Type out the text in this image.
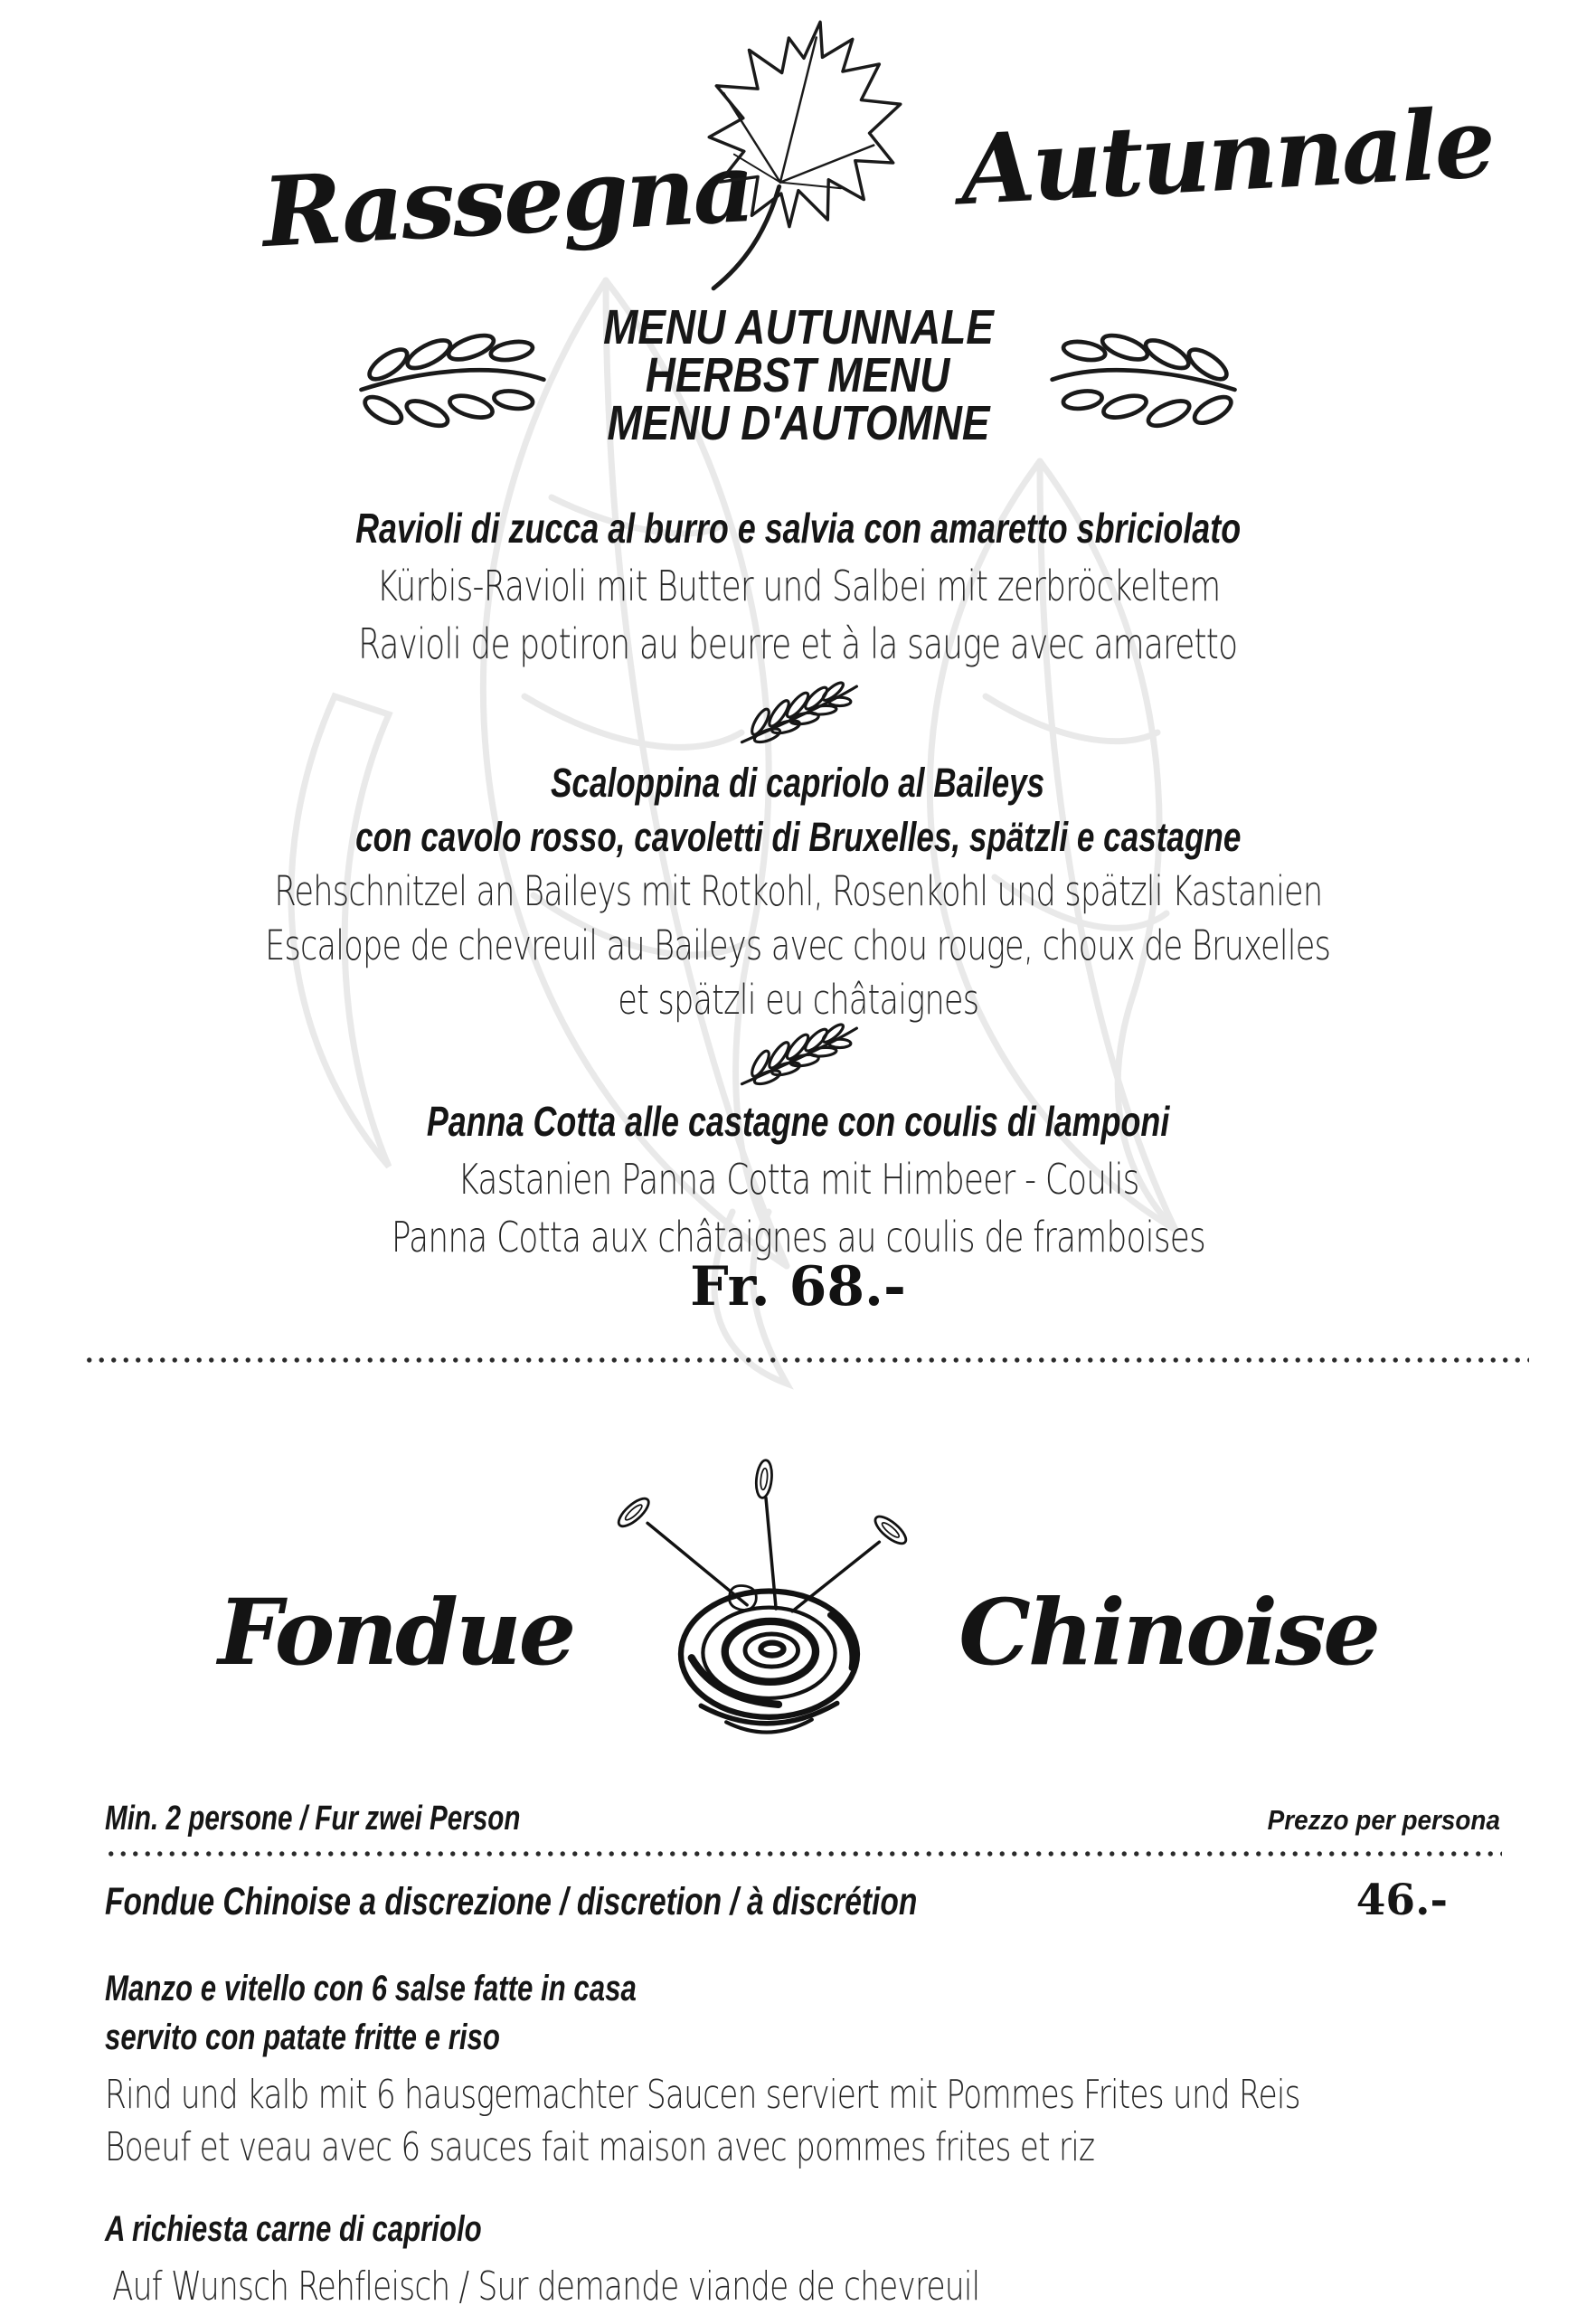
Rassegna Autunnale
MENU AUTUNNALE
HERBST MENU
MENU D'AUTOMNE
Ravioli di zucca al burro e salvia con amaretto sbriciolato
Kürbis-Ravioli mit Butter und Salbei mit zerbröckeltem
Ravioli de potiron au beurre et à la sauge avec amaretto
Scaloppina di capriolo al Baileys
con cavolo rosso, cavoletti di Bruxelles, spätzli e castagne
Rehschnitzel an Baileys mit Rotkohl, Rosenkohl und spätzli Kastanien
Escalope de chevreuil au Baileys avec chou rouge, choux de Bruxelles
et spätzli eu châtaignes
Panna Cotta alle castagne con coulis di lamponi
Kastanien Panna Cotta mit Himbeer - Coulis
Panna Cotta aux châtaignes au coulis de framboises
Fr. 68.-
Fondue	Chinoise
Min. 2 persone / Fur zwei Person	Prezzo per persona
Fondue Chinoise a discrezione / discretion / à discrétion	46.-
Manzo e vitello con 6 salse fatte in casa
servito con patate fritte e riso
Rind und kalb mit 6 hausgemachter Saucen serviert mit Pommes Frites und Reis
Boeuf et veau avec 6 sauces fait maison avec pommes frites et riz
A richiesta carne di capriolo
Auf Wunsch Rehfleisch / Sur demande viande de chevreuil
